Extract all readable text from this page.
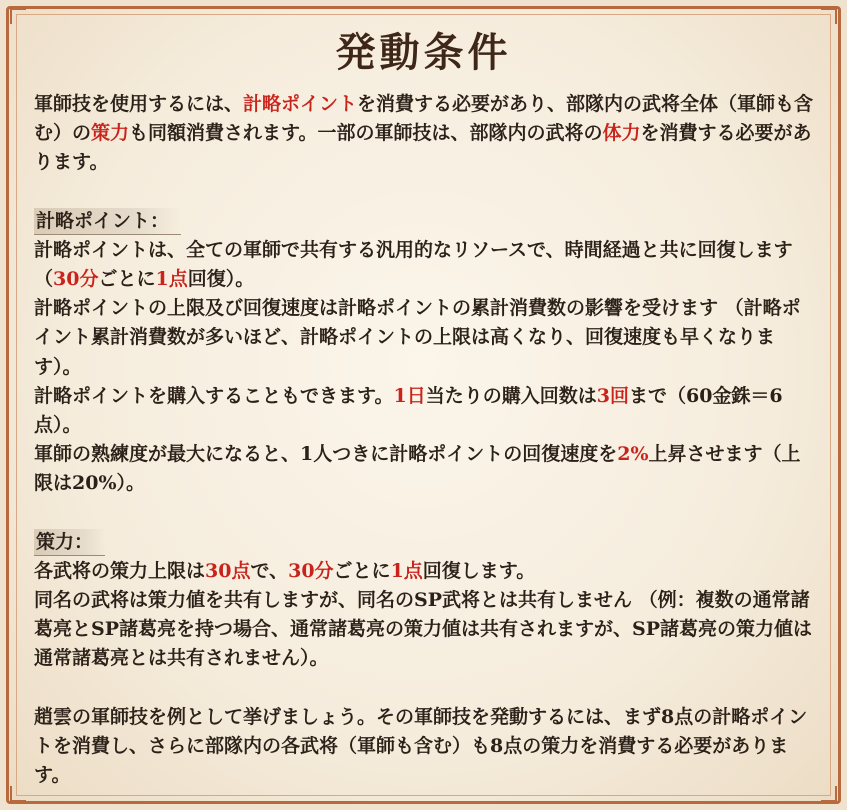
発動条件

軍師技を使用するには、計略ポイントを消費する必要があり、部隊内の武将全体（軍師も含む）の策力も同額消費されます。一部の軍師技は、部隊内の武将の体力を消費する必要があります。

計略ポイント：

計略ポイントは、全ての軍師で共有する汎用的なリソースで、時間経過と共に回復します（30分ごとに1点回復）。

計略ポイントの上限及び回復速度は計略ポイントの累計消費数の影響を受けます （計略ポイント累計消費数が多いほど、計略ポイントの上限は高くなり、回復速度も早くなります）。

計略ポイントを購入することもできます。1日当たりの購入回数は3回まで（60金銖＝6点）。

軍師の熟練度が最大になると、1人つきに計略ポイントの回復速度を2%上昇させます（上限は20%）。

策力：

各武将の策力上限は30点で、30分ごとに1点回復します。

同名の武将は策力値を共有しますが、同名のSP武将とは共有しません （例：複数の通常諸葛亮とSP諸葛亮を持つ場合、通常諸葛亮の策力値は共有されますが、SP諸葛亮の策力値は通常諸葛亮とは共有されません）。

趙雲の軍師技を例として挙げましょう。その軍師技を発動するには、まず8点の計略ポイントを消費し、さらに部隊内の各武将（軍師も含む）も8点の策力を消費する必要があります。
